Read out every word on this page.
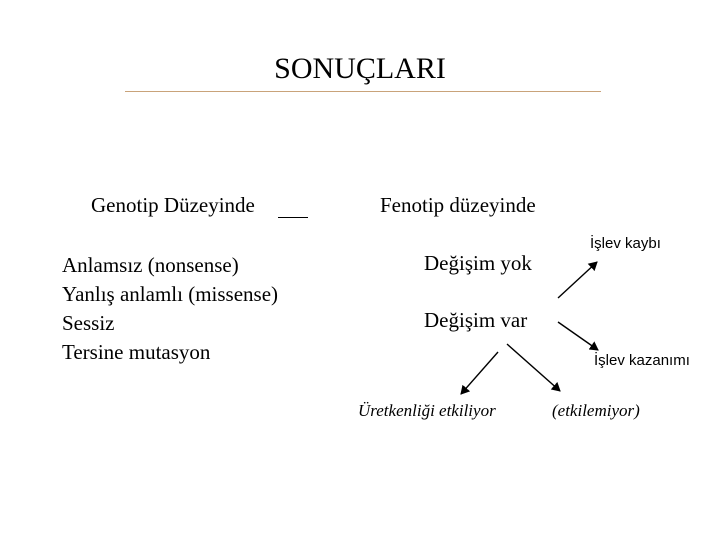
SONUÇLARI
Genotip Düzeyinde	Fenotip düzeyinde
Anlamsız (nonsense)
Yanlış anlamlı (missense)
Sessiz
Tersine mutasyon
Değişim yok
Değişim var
İşlev kaybı
İşlev kazanımı
Üretkenliği etkiliyor	(etkilemiyor)
